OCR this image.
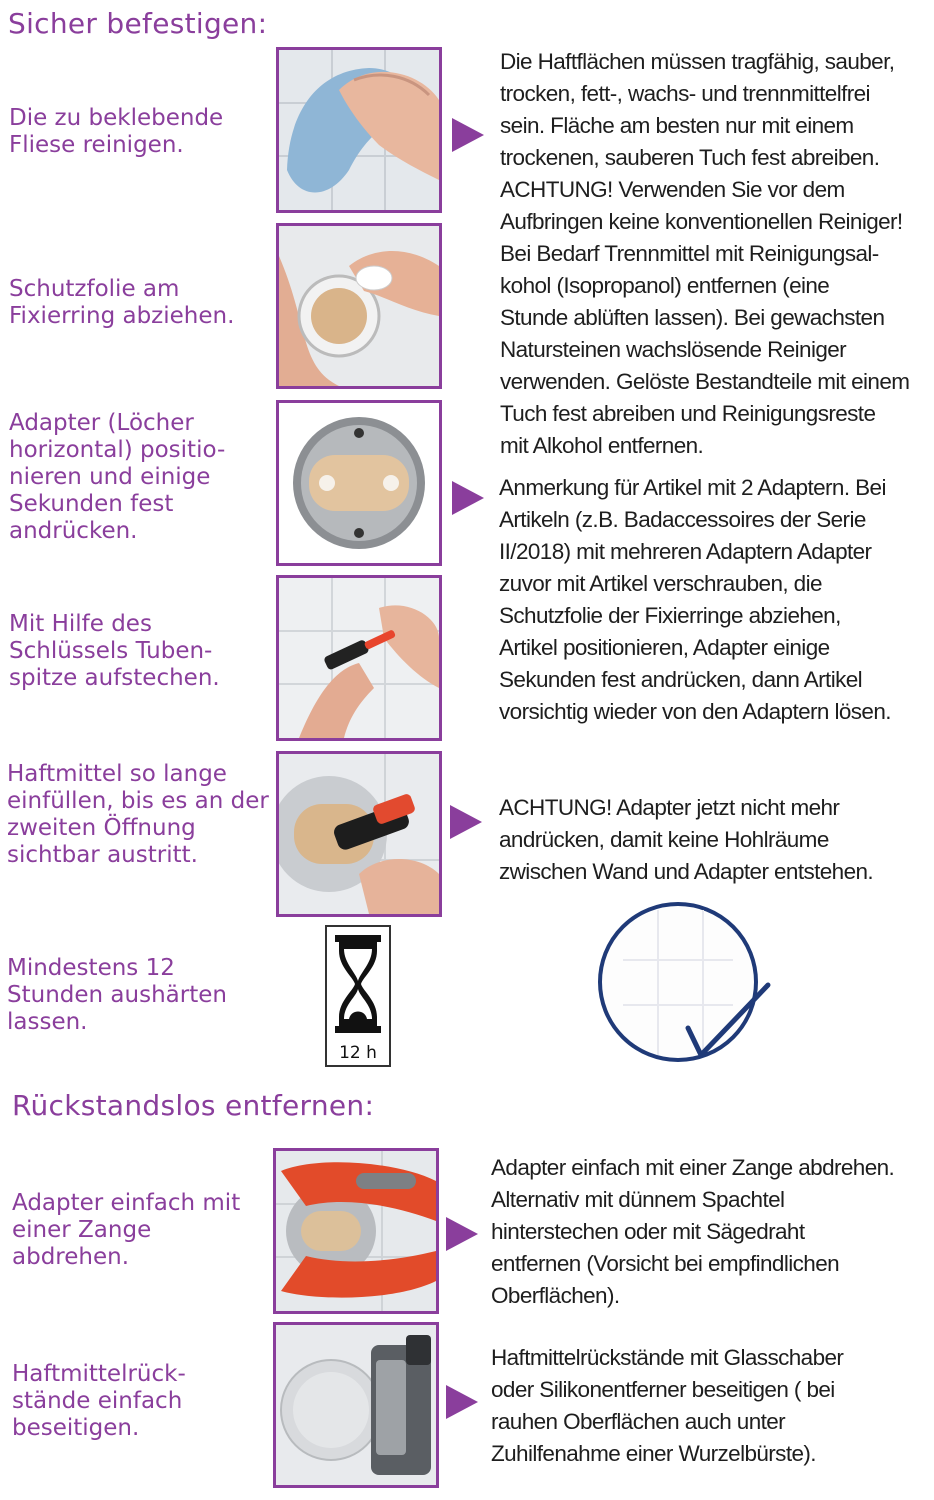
Sicher befestigen:
Rückstandslos entfernen:
Die zu beklebende Fliese reinigen.
Schutzfolie am Fixierring abziehen.
Adapter (Löcher horizontal) positio-nieren und einige Sekunden fest andrücken.
Mit Hilfe des Schlüssels Tuben-spitze aufstechen.
Haftmittel so lange einfüllen, bis es an der zweiten Öffnung sichtbar austritt.
Mindestens 12 Stunden aushärten lassen.
Adapter einfach mit einer Zange abdrehen.
Haftmittelrück-stände einfach beseitigen.
12 h
Die Haftflächen müssen tragfähig, sauber,
trocken, fett-, wachs- und trennmittelfrei
sein. Fläche am besten nur mit einem
trockenen, sauberen Tuch fest abreiben.
ACHTUNG! Verwenden Sie vor dem
Aufbringen keine konventionellen Reiniger!
Bei Bedarf Trennmittel mit Reinigungsal-
kohol (Isopropanol) entfernen (eine
Stunde ablüften lassen). Bei gewachsten
Natursteinen wachslösende Reiniger
verwenden. Gelöste Bestandteile mit einem
Tuch fest abreiben und Reinigungsreste
mit Alkohol entfernen.
Anmerkung für Artikel mit 2 Adaptern. Bei
Artikeln (z.B. Badaccessoires der Serie
II/2018) mit mehreren Adaptern Adapter
zuvor mit Artikel verschrauben, die
Schutzfolie der Fixierringe abziehen,
Artikel positionieren, Adapter einige
Sekunden fest andrücken, dann Artikel
vorsichtig wieder von den Adaptern lösen.
ACHTUNG! Adapter jetzt nicht mehr
andrücken, damit keine Hohlräume
zwischen Wand und Adapter entstehen.
Adapter einfach mit einer Zange abdrehen.
Alternativ mit dünnem Spachtel
hinterstechen oder mit Sägedraht
entfernen (Vorsicht bei empfindlichen
Oberflächen).
Haftmittelrückstände mit Glasschaber
oder Silikonentferner beseitigen ( bei
rauhen Oberflächen auch unter
Zuhilfenahme einer Wurzelbürste).
